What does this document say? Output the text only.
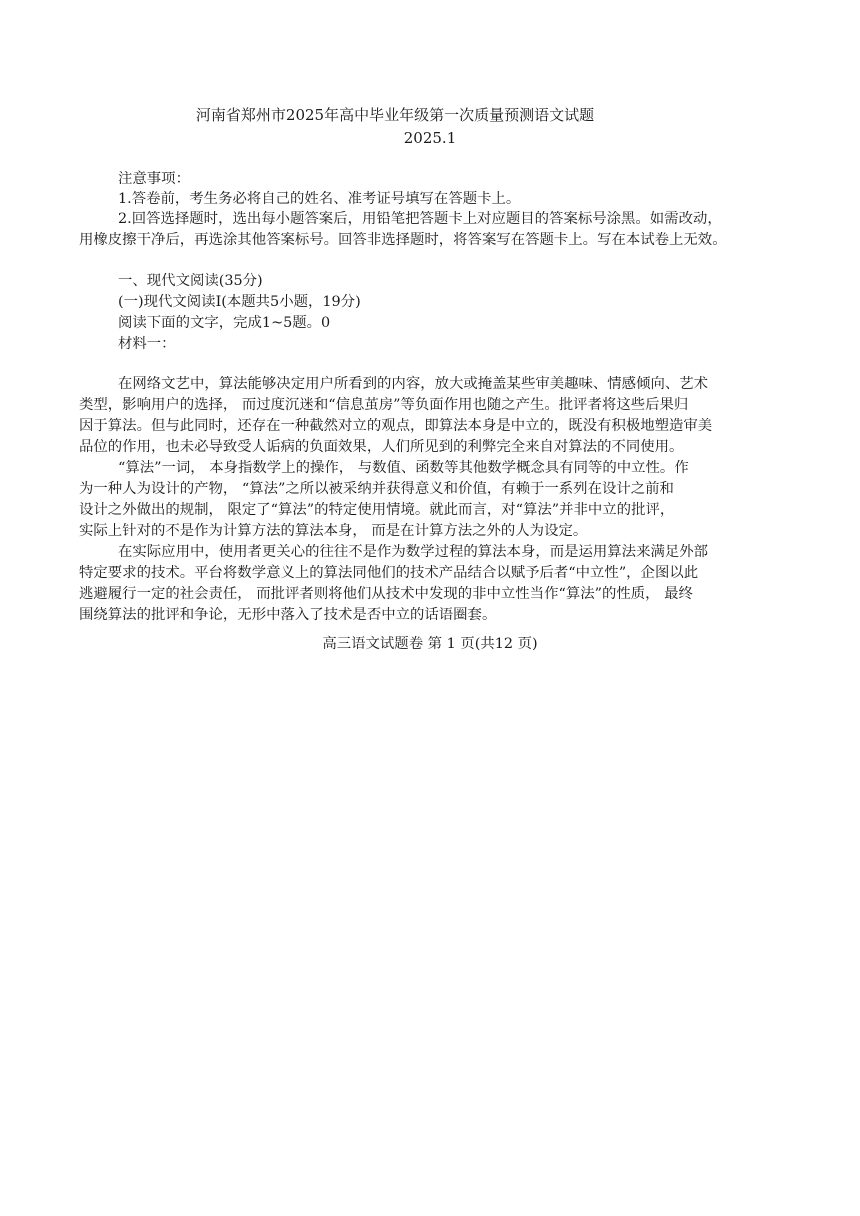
河南省郑州市2025年高中毕业年级第一次质量预测语文试题
2025.1
注意事项：
1.答卷前，考生务必将自己的姓名、准考证号填写在答题卡上。
2.回答选择题时，选出每小题答案后，用铅笔把答题卡上对应题目的答案标号涂黑。如需改动，
用橡皮擦干净后，再选涂其他答案标号。回答非选择题时，将答案写在答题卡上。写在本试卷上无效。
一、现代文阅读(35分)
(一)现代文阅读Ⅰ(本题共5小题，19分)
阅读下面的文字，完成1~5题。0
材料一：
在网络文艺中，算法能够决定用户所看到的内容，放大或掩盖某些审美趣味、情感倾向、艺术
类型，影响用户的选择， 而过度沉迷和“信息茧房”等负面作用也随之产生。批评者将这些后果归
因于算法。但与此同时，还存在一种截然对立的观点，即算法本身是中立的，既没有积极地塑造审美
品位的作用，也未必导致受人诟病的负面效果，人们所见到的利弊完全来自对算法的不同使用。
“算法”一词， 本身指数学上的操作， 与数值、函数等其他数学概念具有同等的中立性。作
为一种人为设计的产物， “算法”之所以被采纳并获得意义和价值，有赖于一系列在设计之前和
设计之外做出的规制， 限定了“算法”的特定使用情境。就此而言，对“算法”并非中立的批评，
实际上针对的不是作为计算方法的算法本身， 而是在计算方法之外的人为设定。
在实际应用中，使用者更关心的往往不是作为数学过程的算法本身，而是运用算法来满足外部
特定要求的技术。平台将数学意义上的算法同他们的技术产品结合以赋予后者“中立性”，企图以此
逃避履行一定的社会责任， 而批评者则将他们从技术中发现的非中立性当作“算法”的性质， 最终
围绕算法的批评和争论，无形中落入了技术是否中立的话语圈套。
高三语文试题卷 第 1 页(共12 页)
